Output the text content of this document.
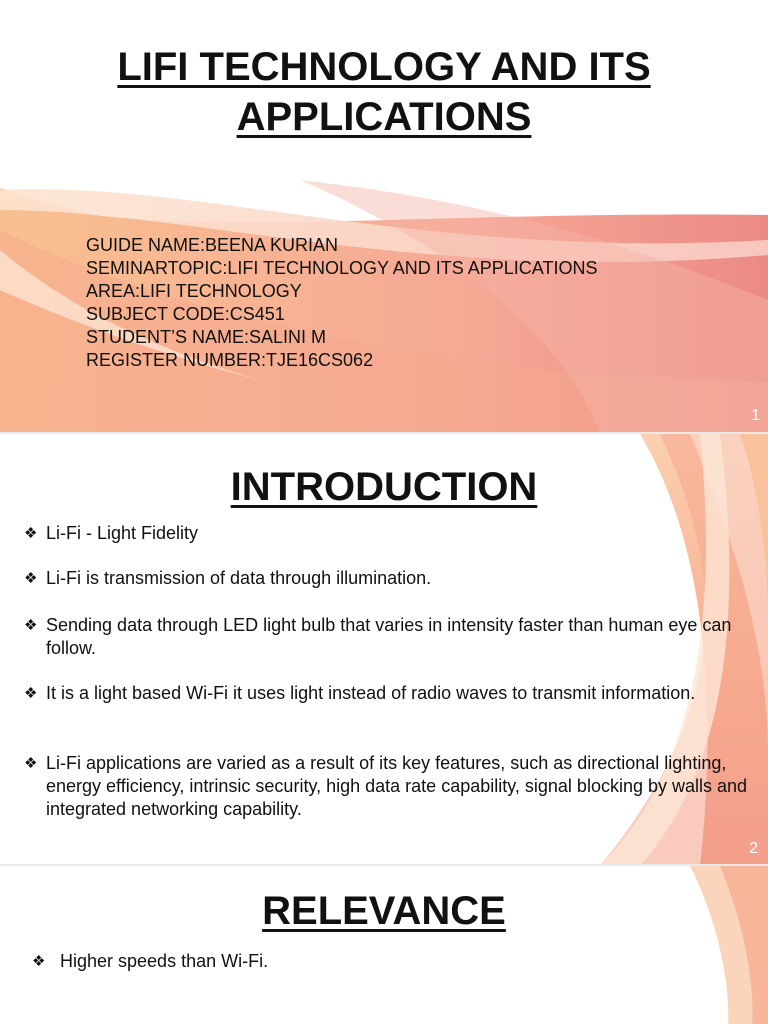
LIFI TECHNOLOGY AND ITS
APPLICATIONS
GUIDE NAME:BEENA KURIAN
SEMINARTOPIC:LIFI TECHNOLOGY AND ITS APPLICATIONS
AREA:LIFI TECHNOLOGY
SUBJECT CODE:CS451
STUDENT’S NAME:SALINI M
REGISTER NUMBER:TJE16CS062
1
INTRODUCTION
❖ Li-Fi - Light Fidelity
❖ Li-Fi is transmission of data through illumination.
❖ Sending data through LED light bulb that varies in intensity faster than human eye can follow.
❖ It is a light based Wi-Fi it uses light instead of radio waves to transmit information.
❖ Li-Fi applications are varied as a result of its key features, such as directional lighting, energy efficiency, intrinsic security, high data rate capability, signal blocking by walls and integrated networking capability.
2
RELEVANCE
❖ Higher speeds than Wi-Fi.
